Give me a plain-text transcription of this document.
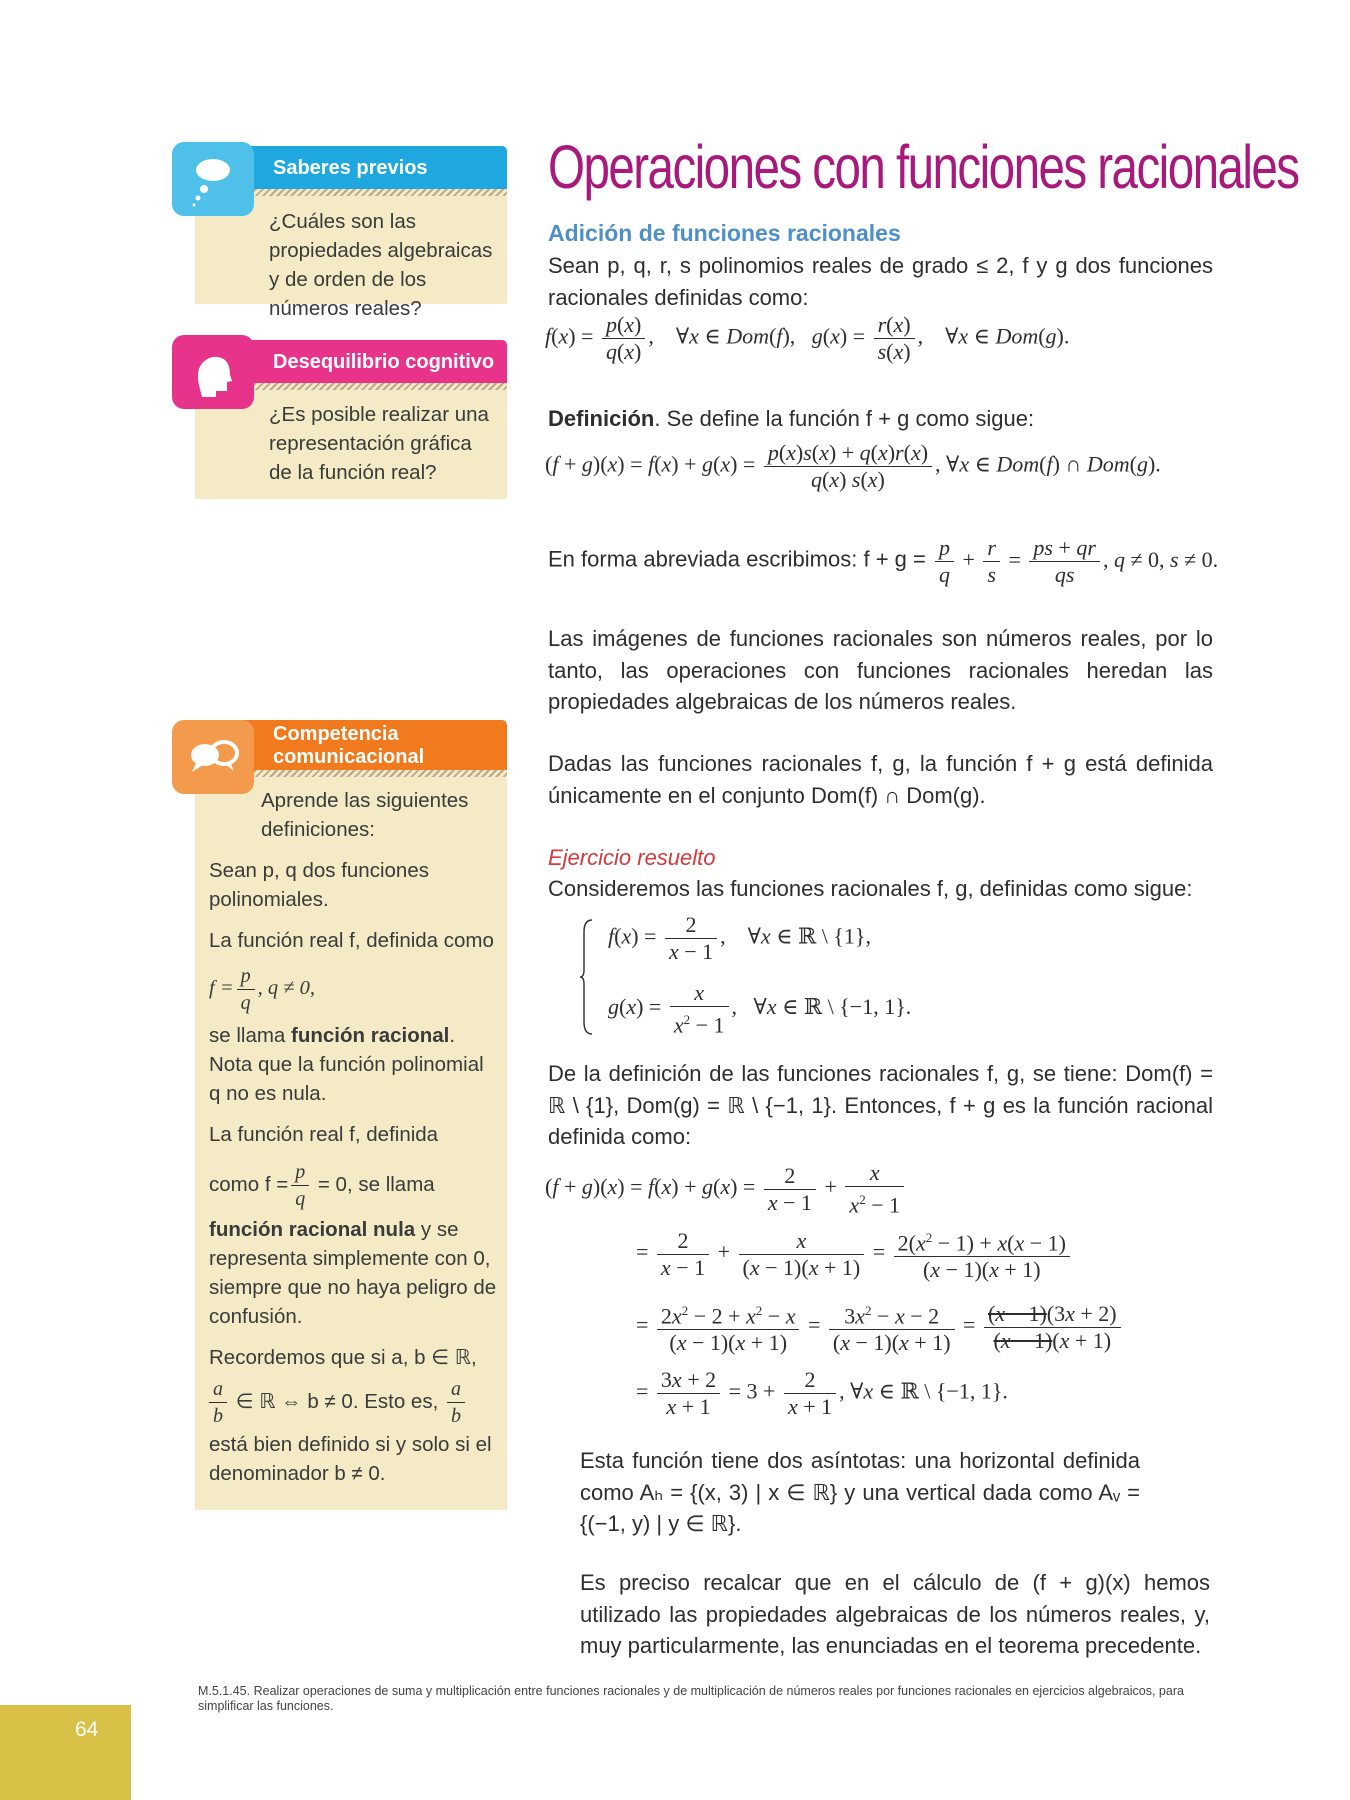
Saberes previos

¿Cuáles son las propiedades algebraicas y de orden de los números reales?

Desequilibrio cognitivo

¿Es posible realizar una representación gráfica de la función real?

Competencia
comunicacional

Aprende las siguientes definiciones:

Sean p, q dos funciones polinomiales.

La función real f, definida como

$f = \frac{p}{q}$ , q ≠ 0,

se llama función racional. Nota que la función polinomial q no es nula.

La función real f, definida

como $f = \frac{p}{q} = 0$, se llama

función racional nula y se representa simplemente con 0, siempre que no haya peligro de confusión.

Recordemos que si a, b ∈ ℝ,

$\frac{a}{b}$ ∈ ℝ ⇔ b ≠ 0. Esto es, $\frac{a}{b}$

está bien definido si y solo si el denominador b ≠ 0.

Operaciones con funciones racionales
Adición de funciones racionales
Sean p, q, r, s polinomios reales de grado ≤ 2, f y g dos funciones racionales definidas como:
$f(x) = \frac{p(x)}{q(x)}$ ,    ∀x ∈ Dom(f),   $g(x) = \frac{r(x)}{s(x)}$ ,    ∀x ∈ Dom(g).
Definición. Se define la función f + g como sigue:
$(f + g)(x) = f(x) + g(x) = \frac{p(x)s(x) + q(x)r(x)}{q(x) s(x)}$ , ∀x ∈ Dom(f) ∩ Dom(g).
En forma abreviada escribimos: $f + g = \frac{p}{q} + \frac{r}{s} = \frac{ps + qr}{qs}$ , q ≠ 0, s ≠ 0.
Las imágenes de funciones racionales son números reales, por lo tanto, las operaciones con funciones racionales heredan las propiedades algebraicas de los números reales.
Dadas las funciones racionales f, g, la función f + g está definida únicamente en el conjunto Dom(f) ∩ Dom(g).
Ejercicio resuelto
Consideremos las funciones racionales f, g, definidas como sigue:
$f(x) = \frac{2}{x - 1}$ ,    ∀x ∈ ℝ \ {1},
$g(x) = \frac{x}{x^2 - 1}$ ,   ∀x ∈ ℝ \ {−1, 1}.
De la definición de las funciones racionales f, g, se tiene: Dom(f) = ℝ \ {1}, Dom(g) = ℝ \ {−1, 1}. Entonces, f + g es la función racional definida como:
$(f + g)(x) = f(x) + g(x) = \frac{2}{x - 1} + \frac{x}{x^2 - 1}$
= $\frac{2}{x - 1} + \frac{x}{(x - 1)(x + 1)} = \frac{2(x^2 - 1) + x(x - 1)}{(x - 1)(x + 1)}$
= $\frac{2x^2 - 2 + x^2 - x}{(x - 1)(x + 1)} = \frac{3x^2 - x - 2}{(x - 1)(x + 1)} = \frac{(x - 1)(3x + 2)}{(x - 1)(x + 1)}$
= $\frac{3x + 2}{x + 1} = 3 + \frac{2}{x + 1}$ , ∀x ∈ ℝ \ {−1, 1}.
Esta función tiene dos asíntotas: una horizontal definida como Aₕ = {(x, 3) | x ∈ ℝ} y una vertical dada como Aᵥ = {(−1, y) | y ∈ ℝ}.
Es preciso recalcar que en el cálculo de (f + g)(x) hemos utilizado las propiedades algebraicas de los números reales, y, muy particularmente, las enunciadas en el teorema precedente.
M.5.1.45. Realizar operaciones de suma y multiplicación entre funciones racionales y de multiplicación de números reales por funciones racionales en ejercicios algebraicos, para simplificar las funciones.
64
